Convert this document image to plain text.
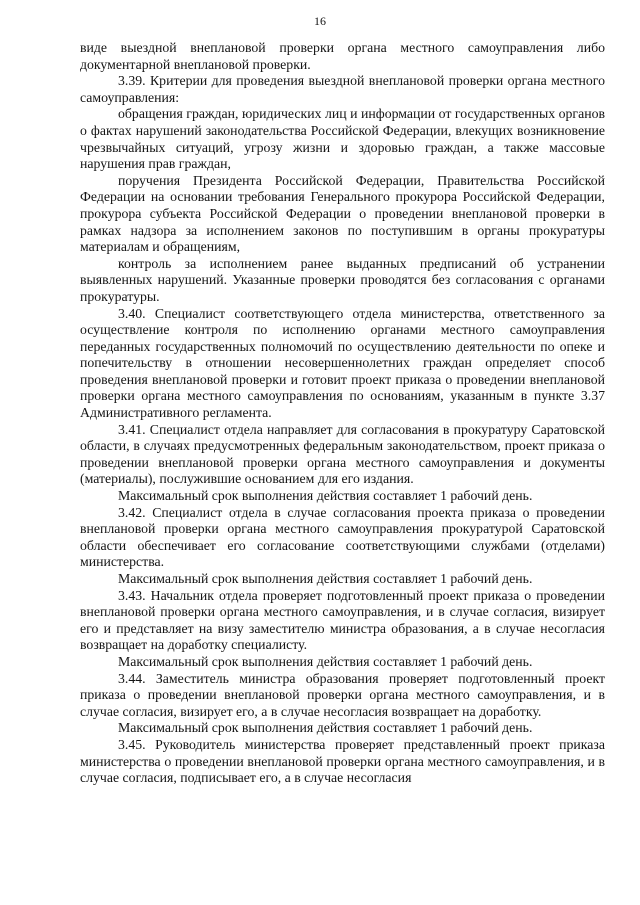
16

виде выездной внеплановой проверки органа местного самоуправления либо документарной внеплановой проверки.

3.39. Критерии для проведения выездной внеплановой проверки органа местного самоуправления:

обращения граждан, юридических лиц и информации от государственных органов о фактах нарушений законодательства Российской Федерации, влекущих возникновение чрезвычайных ситуаций, угрозу жизни и здоровью граждан, а также массовые нарушения прав граждан,

поручения Президента Российской Федерации, Правительства Российской Федерации на основании требования Генерального прокурора Российской Федерации, прокурора субъекта Российской Федерации о проведении внеплановой проверки в рамках надзора за исполнением законов по поступившим в органы прокуратуры материалам и обращениям,

контроль за исполнением ранее выданных предписаний об устранении выявленных нарушений. Указанные проверки проводятся без согласования с органами прокуратуры.

3.40. Специалист соответствующего отдела министерства, ответственного за осуществление контроля по исполнению органами местного самоуправления переданных государственных полномочий по осуществлению деятельности по опеке и попечительству в отношении несовершеннолетних граждан определяет способ проведения внеплановой проверки и готовит проект приказа о проведении внеплановой проверки органа местного самоуправления по основаниям, указанным в пункте 3.37 Административного регламента.

3.41. Специалист отдела направляет для согласования в прокуратуру Саратовской области, в случаях предусмотренных федеральным законодательством, проект приказа о проведении внеплановой проверки органа местного самоуправления и документы (материалы), послужившие основанием для его издания.

Максимальный срок выполнения действия составляет 1 рабочий день.

3.42. Специалист отдела в случае согласования проекта приказа о проведении внеплановой проверки органа местного самоуправления прокуратурой Саратовской области обеспечивает его согласование соответствующими службами (отделами) министерства.

Максимальный срок выполнения действия составляет 1 рабочий день.

3.43. Начальник отдела проверяет подготовленный проект приказа о проведении внеплановой проверки органа местного самоуправления, и в случае согласия, визирует его и представляет на визу заместителю министра образования, а в случае несогласия возвращает на доработку специалисту.

Максимальный срок выполнения действия составляет 1 рабочий день.

3.44. Заместитель министра образования проверяет подготовленный проект приказа о проведении внеплановой проверки органа местного самоуправления, и в случае согласия, визирует его, а в случае несогласия возвращает на доработку.

Максимальный срок выполнения действия составляет 1 рабочий день.

3.45. Руководитель министерства проверяет представленный проект приказа министерства о проведении внеплановой проверки органа местного самоуправления, и в случае согласия, подписывает его, а в случае несогласия
